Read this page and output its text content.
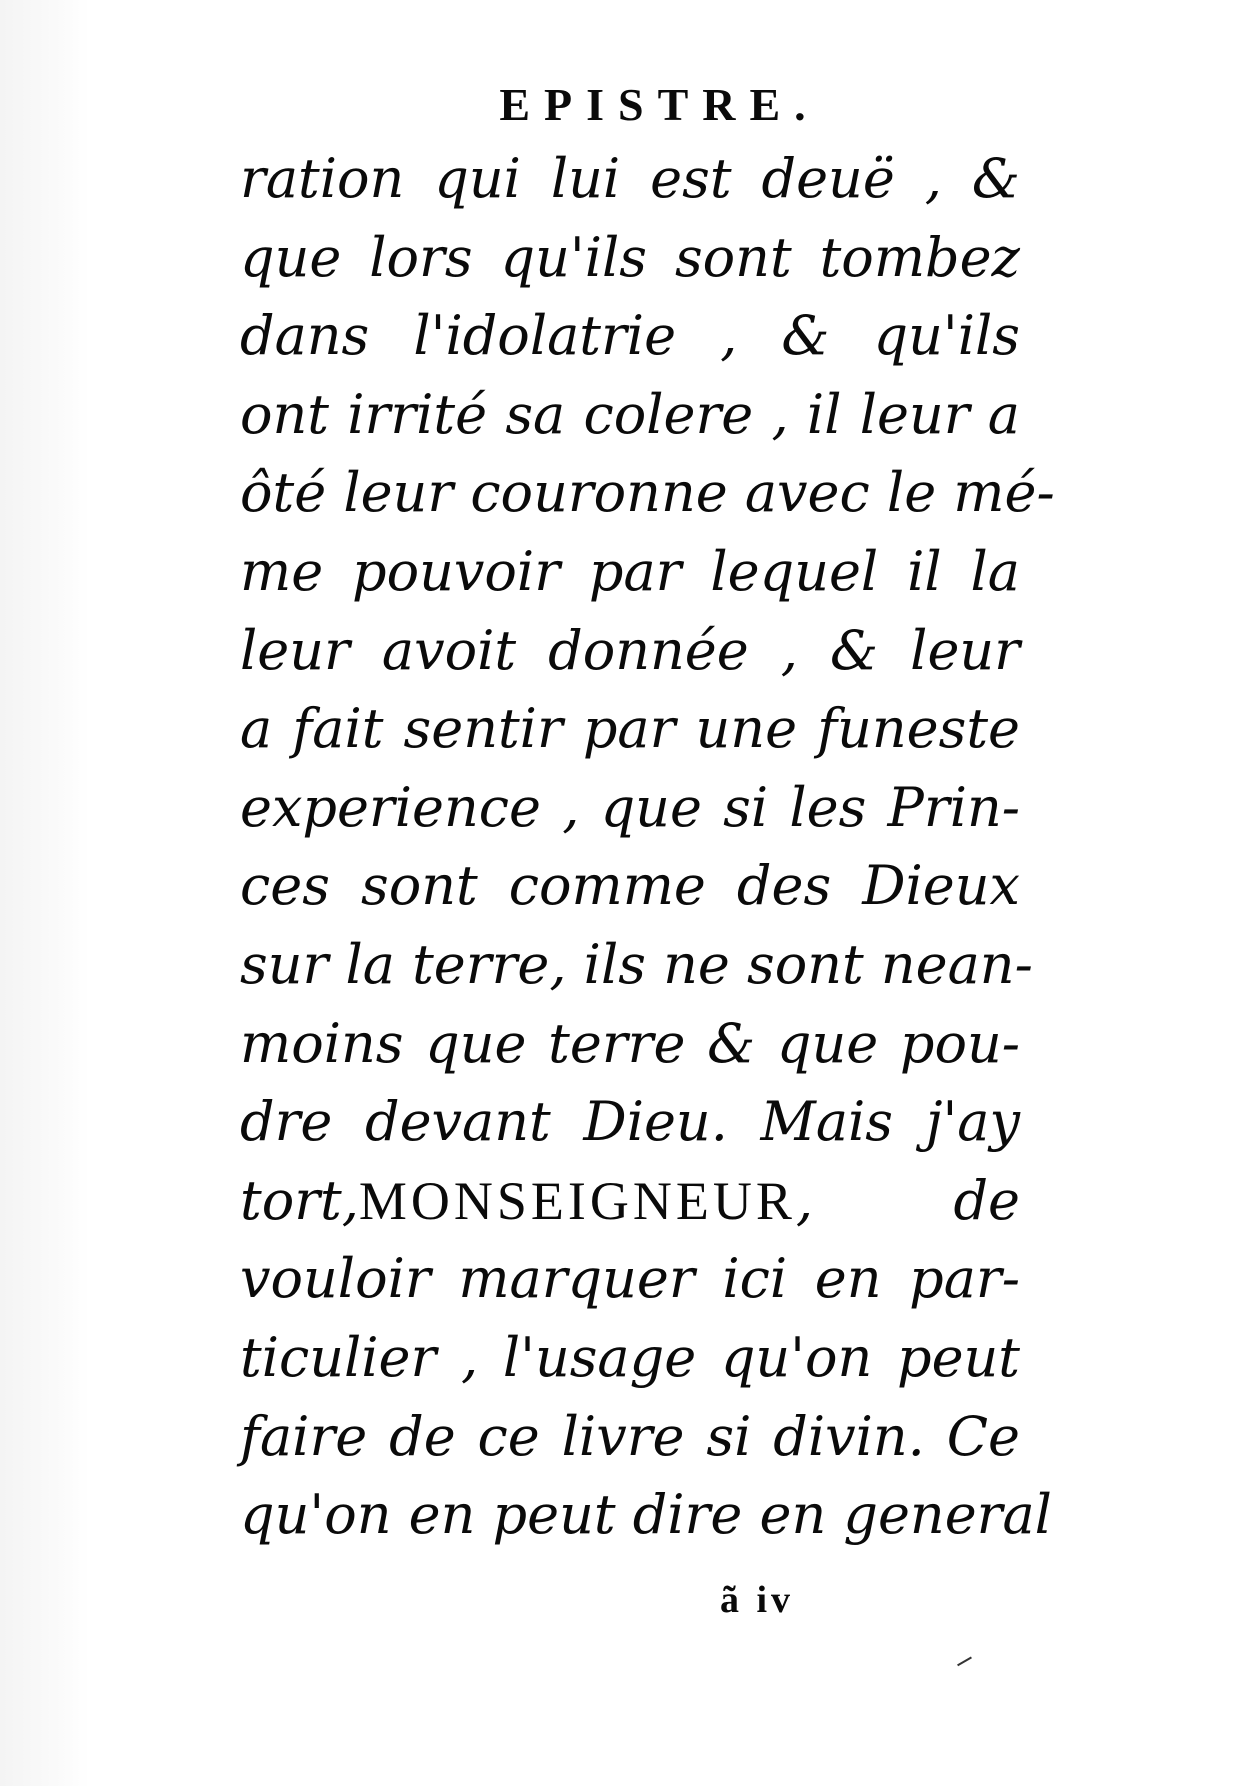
EPISTRE.
ration qui lui est deuë , &
que lors qu'ils sont tombez
dans l'idolatrie , & qu'ils
ont irrité sa colere , il leur a
ôté leur couronne avec le mé-
me pouvoir par lequel il la
leur avoit donnée , & leur
a fait sentir par une funeste
experience , que si les Prin-
ces sont comme des Dieux
sur la terre, ils ne sont nean-
moins que terre & que pou-
dre devant Dieu. Mais j'ay
tort,MONSEIGNEUR, de
vouloir marquer ici en par-
ticulier , l'usage qu'on peut
faire de ce livre si divin. Ce
qu'on en peut dire en general
ã iv
